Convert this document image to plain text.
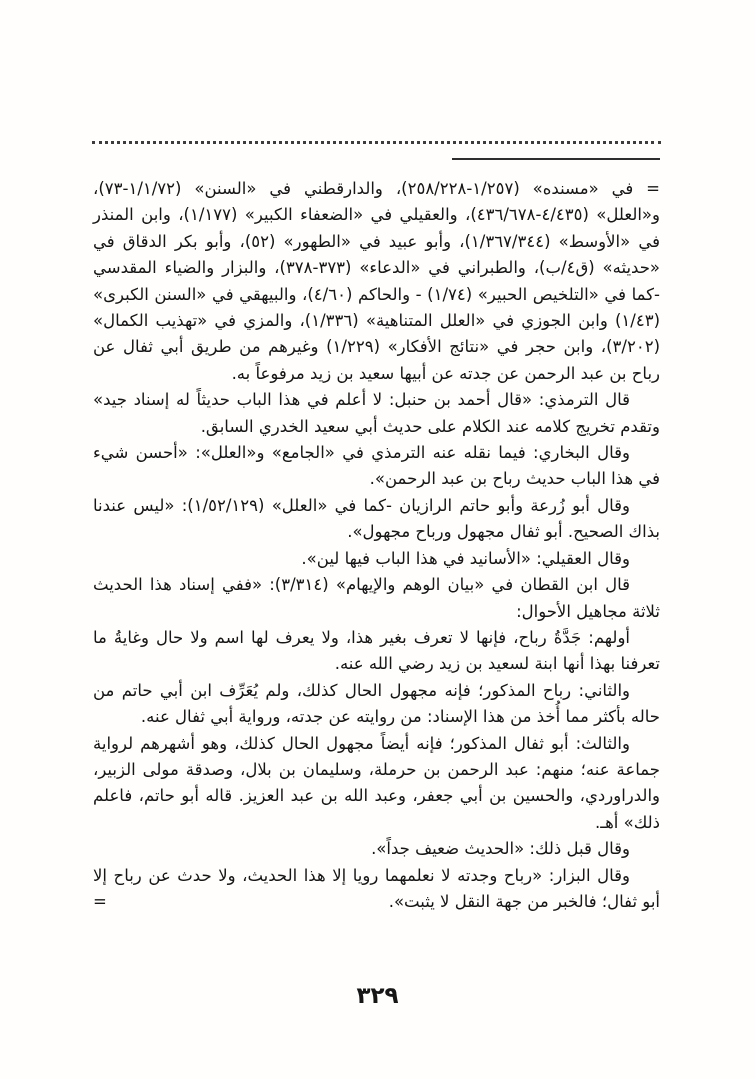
= في «مسنده» (١/٢٥٧-٢٥٨/٢٢٨)، والدارقطني في «السنن» (١/١/٧٢-٧٣)، و«العلل» (٤/٤٣٥-٤٣٦/٦٧٨)، والعقيلي في «الضعفاء الكبير» (١/١٧٧)، وابن المنذر في «الأوسط» (١/٣٦٧/٣٤٤)، وأبو عبيد في «الطهور» (٥٢)، وأبو بكر الدقاق في «حديثه» (ق٤/ب)، والطبراني في «الدعاء» (٣٧٣-٣٧٨)، والبزار والضياء المقدسي -كما في «التلخيص الحبير» (١/٧٤) - والحاكم (٤/٦٠)، والبيهقي في «السنن الكبرى» (١/٤٣) وابن الجوزي في «العلل المتناهية» (١/٣٣٦)، والمزي في «تهذيب الكمال» (٣/٢٠٢)، وابن حجر في «نتائج الأفكار» (١/٢٢٩) وغيرهم من طريق أبي ثفال عن رباح بن عبد الرحمن عن جدته عن أبيها سعيد بن زيد مرفوعاً به.

قال الترمذي: «قال أحمد بن حنبل: لا أعلم في هذا الباب حديثاً له إسناد جيد» وتقدم تخريج كلامه عند الكلام على حديث أبي سعيد الخدري السابق.

وقال البخاري: فيما نقله عنه الترمذي في «الجامع» و«العلل»: «أحسن شيء في هذا الباب حديث رباح بن عبد الرحمن».

وقال أبو زُرعة وأبو حاتم الرازيان -كما في «العلل» (١/٥٢/١٢٩): «ليس عندنا بذاك الصحيح. أبو ثفال مجهول ورباح مجهول».

وقال العقيلي: «الأسانيد في هذا الباب فيها لين».

قال ابن القطان في «بيان الوهم والإيهام» (٣/٣١٤): «ففي إسناد هذا الحديث ثلاثة مجاهيل الأحوال:

أولهم: جَدَّةُ رباح، فإنها لا تعرف بغير هذا، ولا يعرف لها اسم ولا حال وغايةُ ما تعرفنا بهذا أنها ابنة لسعيد بن زيد رضي الله عنه.

والثاني: رباح المذكور؛ فإنه مجهول الحال كذلك، ولم يُعَرِّف ابن أبي حاتم من حاله بأكثر مما أُخذ من هذا الإسناد: من روايته عن جدته، ورواية أبي ثفال عنه.

والثالث: أبو ثفال المذكور؛ فإنه أيضاً مجهول الحال كذلك، وهو أشهرهم لرواية جماعة عنه؛ منهم: عبد الرحمن بن حرملة، وسليمان بن بلال، وصدقة مولى الزبير، والدراوردي، والحسين بن أبي جعفر، وعبد الله بن عبد العزيز. قاله أبو حاتم، فاعلم ذلك» أهـ.

وقال قبل ذلك: «الحديث ضعيف جداً».

وقال البزار: «رباح وجدته لا نعلمهما رويا إلا هذا الحديث، ولا حدث عن رباح إلا أبو ثفال؛ فالخبر من جهة النقل لا يثبت».

=
٣٢٩
